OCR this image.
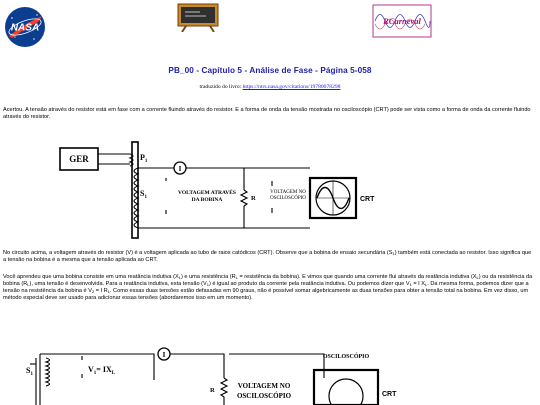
NASA
RCarneval
PB_00 - Capítulo 5 - Análise de Fase - Página 5-058
traduzido do livro: https://ntrs.nasa.gov/citations/19780078298
Acertou. A tensão através do resistor está em fase com a corrente fluindo através do resistor. E a forma de onda da tensão mostrada no osciloscópio (CRT) pode ser vista como a forma de onda da corrente fluindo através do resistor.
GER	$P_1$
$S_1$
I
VOLTAGEM ATRAVÉS
DA BOBINA	R
VOLTAGEM NO
OSCILOSCÓPIO	CRT
No circuito acima, a voltagem através do resistor (V) é a voltagem aplicada ao tubo de raios catódicos (CRT). Observe que a bobina de ensaio secundária $(S_1)$ também está conectada ao resistor. Isso significa que a tensão na bobina é a mesma que a tensão aplicada ao CRT.
Você aprendeu que uma bobina consiste em uma reatância indutiva $(X_L)$ e uma resistência ($R_L$ = resistência da bobina). E vimos que quando uma corrente flui através da reatância indutiva $(X_L)$ ou da resistência da bobina $(R_L)$, uma tensão é desenvolvida. Para a reatância indutiva, esta tensão $(V_1)$ é igual ao produto da corrente pela reatância indutiva. Ou podemos dizer que $V_1 = I$ $X_L$. Da mesma forma, podemos dizer que a tensão na resistência da bobina é $V_2 = I$ $R_L$. Como essas duas tensões estão defasadas em 90 graus, não é possível somar algebricamente as duas tensões para obter a tensão total na bobina. Em vez disso, um método especial deve ser usado para adicionar essas tensões (abordaremos isso em um momento).
$S_1$
$V_1= IX_L$
I
R
VOLTAGEM NO
OSCILOSCÓPIO
OSCILOSCÓPIO
CRT
